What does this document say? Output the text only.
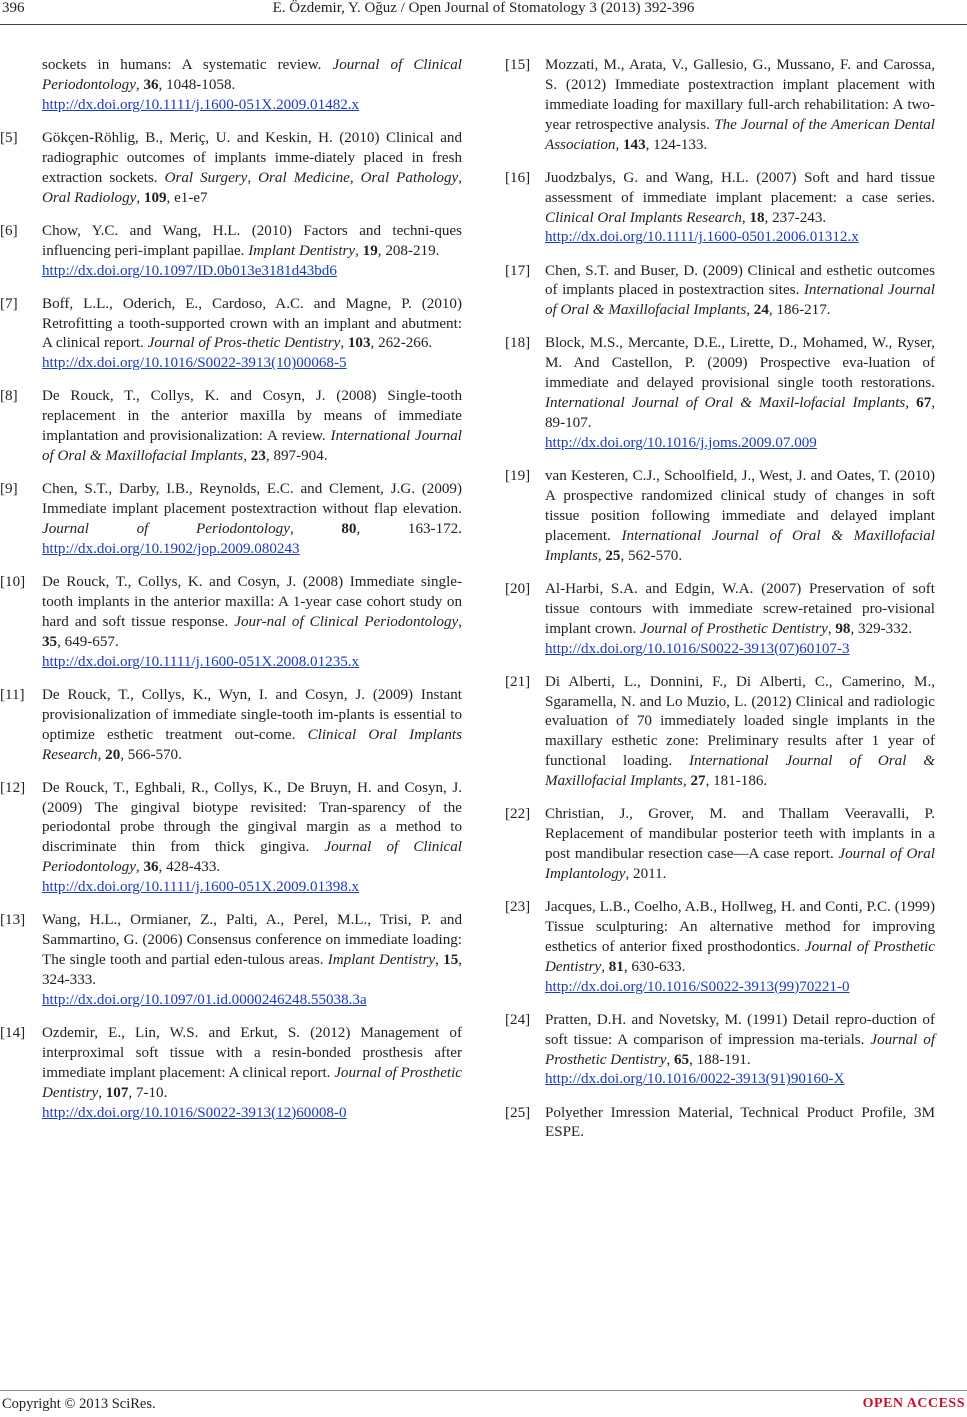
396	E. Özdemir, Y. Oğuz / Open Journal of Stomatology 3 (2013) 392-396
sockets in humans: A systematic review. Journal of Clinical Periodontology, 36, 1048-1058.
http://dx.doi.org/10.1111/j.1600-051X.2009.01482.x
[5] Gökçen-Röhlig, B., Meriç, U. and Keskin, H. (2010) Clinical and radiographic outcomes of implants imme-diately placed in fresh extraction sockets. Oral Surgery, Oral Medicine, Oral Pathology, Oral Radiology, 109, e1-e7
[6] Chow, Y.C. and Wang, H.L. (2010) Factors and techni-ques influencing peri-implant papillae. Implant Dentistry, 19, 208-219.
http://dx.doi.org/10.1097/ID.0b013e3181d43bd6
[7] Boff, L.L., Oderich, E., Cardoso, A.C. and Magne, P. (2010) Retrofitting a tooth-supported crown with an implant and abutment: A clinical report. Journal of Pros-thetic Dentistry, 103, 262-266.
http://dx.doi.org/10.1016/S0022-3913(10)00068-5
[8] De Rouck, T., Collys, K. and Cosyn, J. (2008) Single-tooth replacement in the anterior maxilla by means of immediate implantation and provisionalization: A review. International Journal of Oral & Maxillofacial Implants, 23, 897-904.
[9] Chen, S.T., Darby, I.B., Reynolds, E.C. and Clement, J.G. (2009) Immediate implant placement postextraction without flap elevation. Journal of Periodontology, 80, 163-172. http://dx.doi.org/10.1902/jop.2009.080243
[10] De Rouck, T., Collys, K. and Cosyn, J. (2008) Immediate single-tooth implants in the anterior maxilla: A 1-year case cohort study on hard and soft tissue response. Jour-nal of Clinical Periodontology, 35, 649-657.
http://dx.doi.org/10.1111/j.1600-051X.2008.01235.x
[11] De Rouck, T., Collys, K., Wyn, I. and Cosyn, J. (2009) Instant provisionalization of immediate single-tooth im-plants is essential to optimize esthetic treatment out-come. Clinical Oral Implants Research, 20, 566-570.
[12] De Rouck, T., Eghbali, R., Collys, K., De Bruyn, H. and Cosyn, J. (2009) The gingival biotype revisited: Tran-sparency of the periodontal probe through the gingival margin as a method to discriminate thin from thick gingiva. Journal of Clinical Periodontology, 36, 428-433.
http://dx.doi.org/10.1111/j.1600-051X.2009.01398.x
[13] Wang, H.L., Ormianer, Z., Palti, A., Perel, M.L., Trisi, P. and Sammartino, G. (2006) Consensus conference on immediate loading: The single tooth and partial eden-tulous areas. Implant Dentistry, 15, 324-333.
http://dx.doi.org/10.1097/01.id.0000246248.55038.3a
[14] Ozdemir, E., Lin, W.S. and Erkut, S. (2012) Management of interproximal soft tissue with a resin-bonded prosthesis after immediate implant placement: A clinical report. Journal of Prosthetic Dentistry, 107, 7-10.
http://dx.doi.org/10.1016/S0022-3913(12)60008-0
[15] Mozzati, M., Arata, V., Gallesio, G., Mussano, F. and Carossa, S. (2012) Immediate postextraction implant placement with immediate loading for maxillary full-arch rehabilitation: A two-year retrospective analysis. The Journal of the American Dental Association, 143, 124-133.
[16] Juodzbalys, G. and Wang, H.L. (2007) Soft and hard tissue assessment of immediate implant placement: a case series. Clinical Oral Implants Research, 18, 237-243.
http://dx.doi.org/10.1111/j.1600-0501.2006.01312.x
[17] Chen, S.T. and Buser, D. (2009) Clinical and esthetic outcomes of implants placed in postextraction sites. International Journal of Oral & Maxillofacial Implants, 24, 186-217.
[18] Block, M.S., Mercante, D.E., Lirette, D., Mohamed, W., Ryser, M. And Castellon, P. (2009) Prospective eva-luation of immediate and delayed provisional single tooth restorations. International Journal of Oral & Maxil-lofacial Implants, 67, 89-107.
http://dx.doi.org/10.1016/j.joms.2009.07.009
[19] van Kesteren, C.J., Schoolfield, J., West, J. and Oates, T. (2010) A prospective randomized clinical study of changes in soft tissue position following immediate and delayed implant placement. International Journal of Oral & Maxillofacial Implants, 25, 562-570.
[20] Al-Harbi, S.A. and Edgin, W.A. (2007) Preservation of soft tissue contours with immediate screw-retained pro-visional implant crown. Journal of Prosthetic Dentistry, 98, 329-332.
http://dx.doi.org/10.1016/S0022-3913(07)60107-3
[21] Di Alberti, L., Donnini, F., Di Alberti, C., Camerino, M., Sgaramella, N. and Lo Muzio, L. (2012) Clinical and radiologic evaluation of 70 immediately loaded single implants in the maxillary esthetic zone: Preliminary results after 1 year of functional loading. International Journal of Oral & Maxillofacial Implants, 27, 181-186.
[22] Christian, J., Grover, M. and Thallam Veeravalli, P. Replacement of mandibular posterior teeth with implants in a post mandibular resection case—A case report. Journal of Oral Implantology, 2011.
[23] Jacques, L.B., Coelho, A.B., Hollweg, H. and Conti, P.C. (1999) Tissue sculpturing: An alternative method for improving esthetics of anterior fixed prosthodontics. Journal of Prosthetic Dentistry, 81, 630-633.
http://dx.doi.org/10.1016/S0022-3913(99)70221-0
[24] Pratten, D.H. and Novetsky, M. (1991) Detail repro-duction of soft tissue: A comparison of impression ma-terials. Journal of Prosthetic Dentistry, 65, 188-191.
http://dx.doi.org/10.1016/0022-3913(91)90160-X
[25] Polyether Imression Material, Technical Product Profile, 3M ESPE.
Copyright © 2013 SciRes.	OPEN ACCESS
